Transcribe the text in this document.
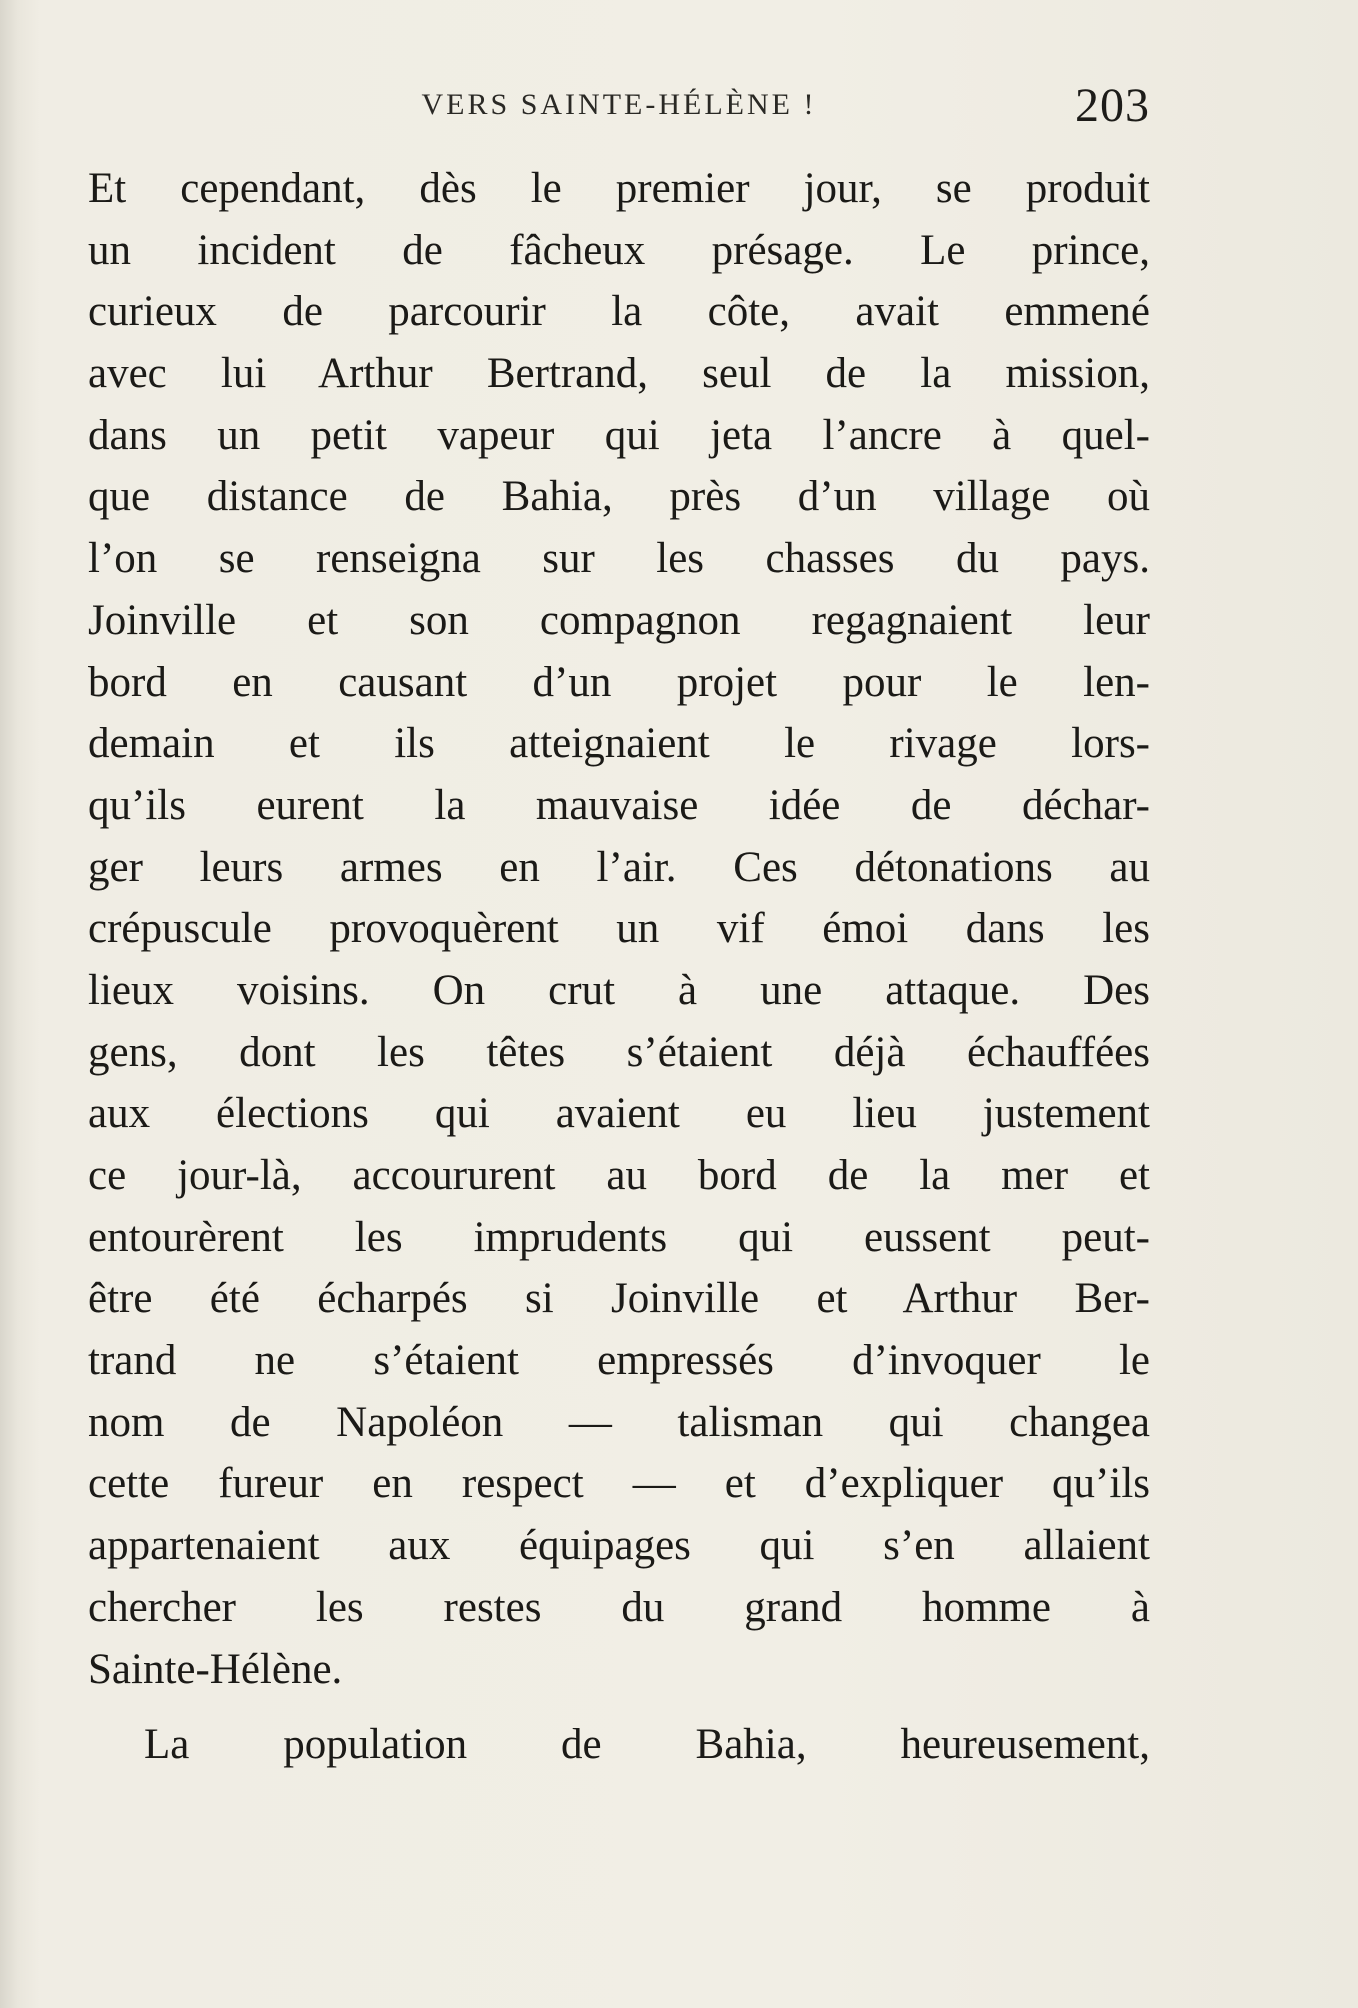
VERS SAINTE-HÉLÈNE !	203
Et cependant, dès le premier jour, se produit
un incident de fâcheux présage. Le prince,
curieux de parcourir la côte, avait emmené
avec lui Arthur Bertrand, seul de la mission,
dans un petit vapeur qui jeta l’ancre à quel-
que distance de Bahia, près d’un village où
l’on se renseigna sur les chasses du pays.
Joinville et son compagnon regagnaient leur
bord en causant d’un projet pour le len-
demain et ils atteignaient le rivage lors-
qu’ils eurent la mauvaise idée de déchar-
ger leurs armes en l’air. Ces détonations au
crépuscule provoquèrent un vif émoi dans les
lieux voisins. On crut à une attaque. Des
gens, dont les têtes s’étaient déjà échauffées
aux élections qui avaient eu lieu justement
ce jour-là, accoururent au bord de la mer et
entourèrent les imprudents qui eussent peut-
être été écharpés si Joinville et Arthur Ber-
trand ne s’étaient empressés d’invoquer le
nom de Napoléon — talisman qui changea
cette fureur en respect — et d’expliquer qu’ils
appartenaient aux équipages qui s’en allaient
chercher les restes du grand homme à
Sainte-Hélène.
La population de Bahia, heureusement,
